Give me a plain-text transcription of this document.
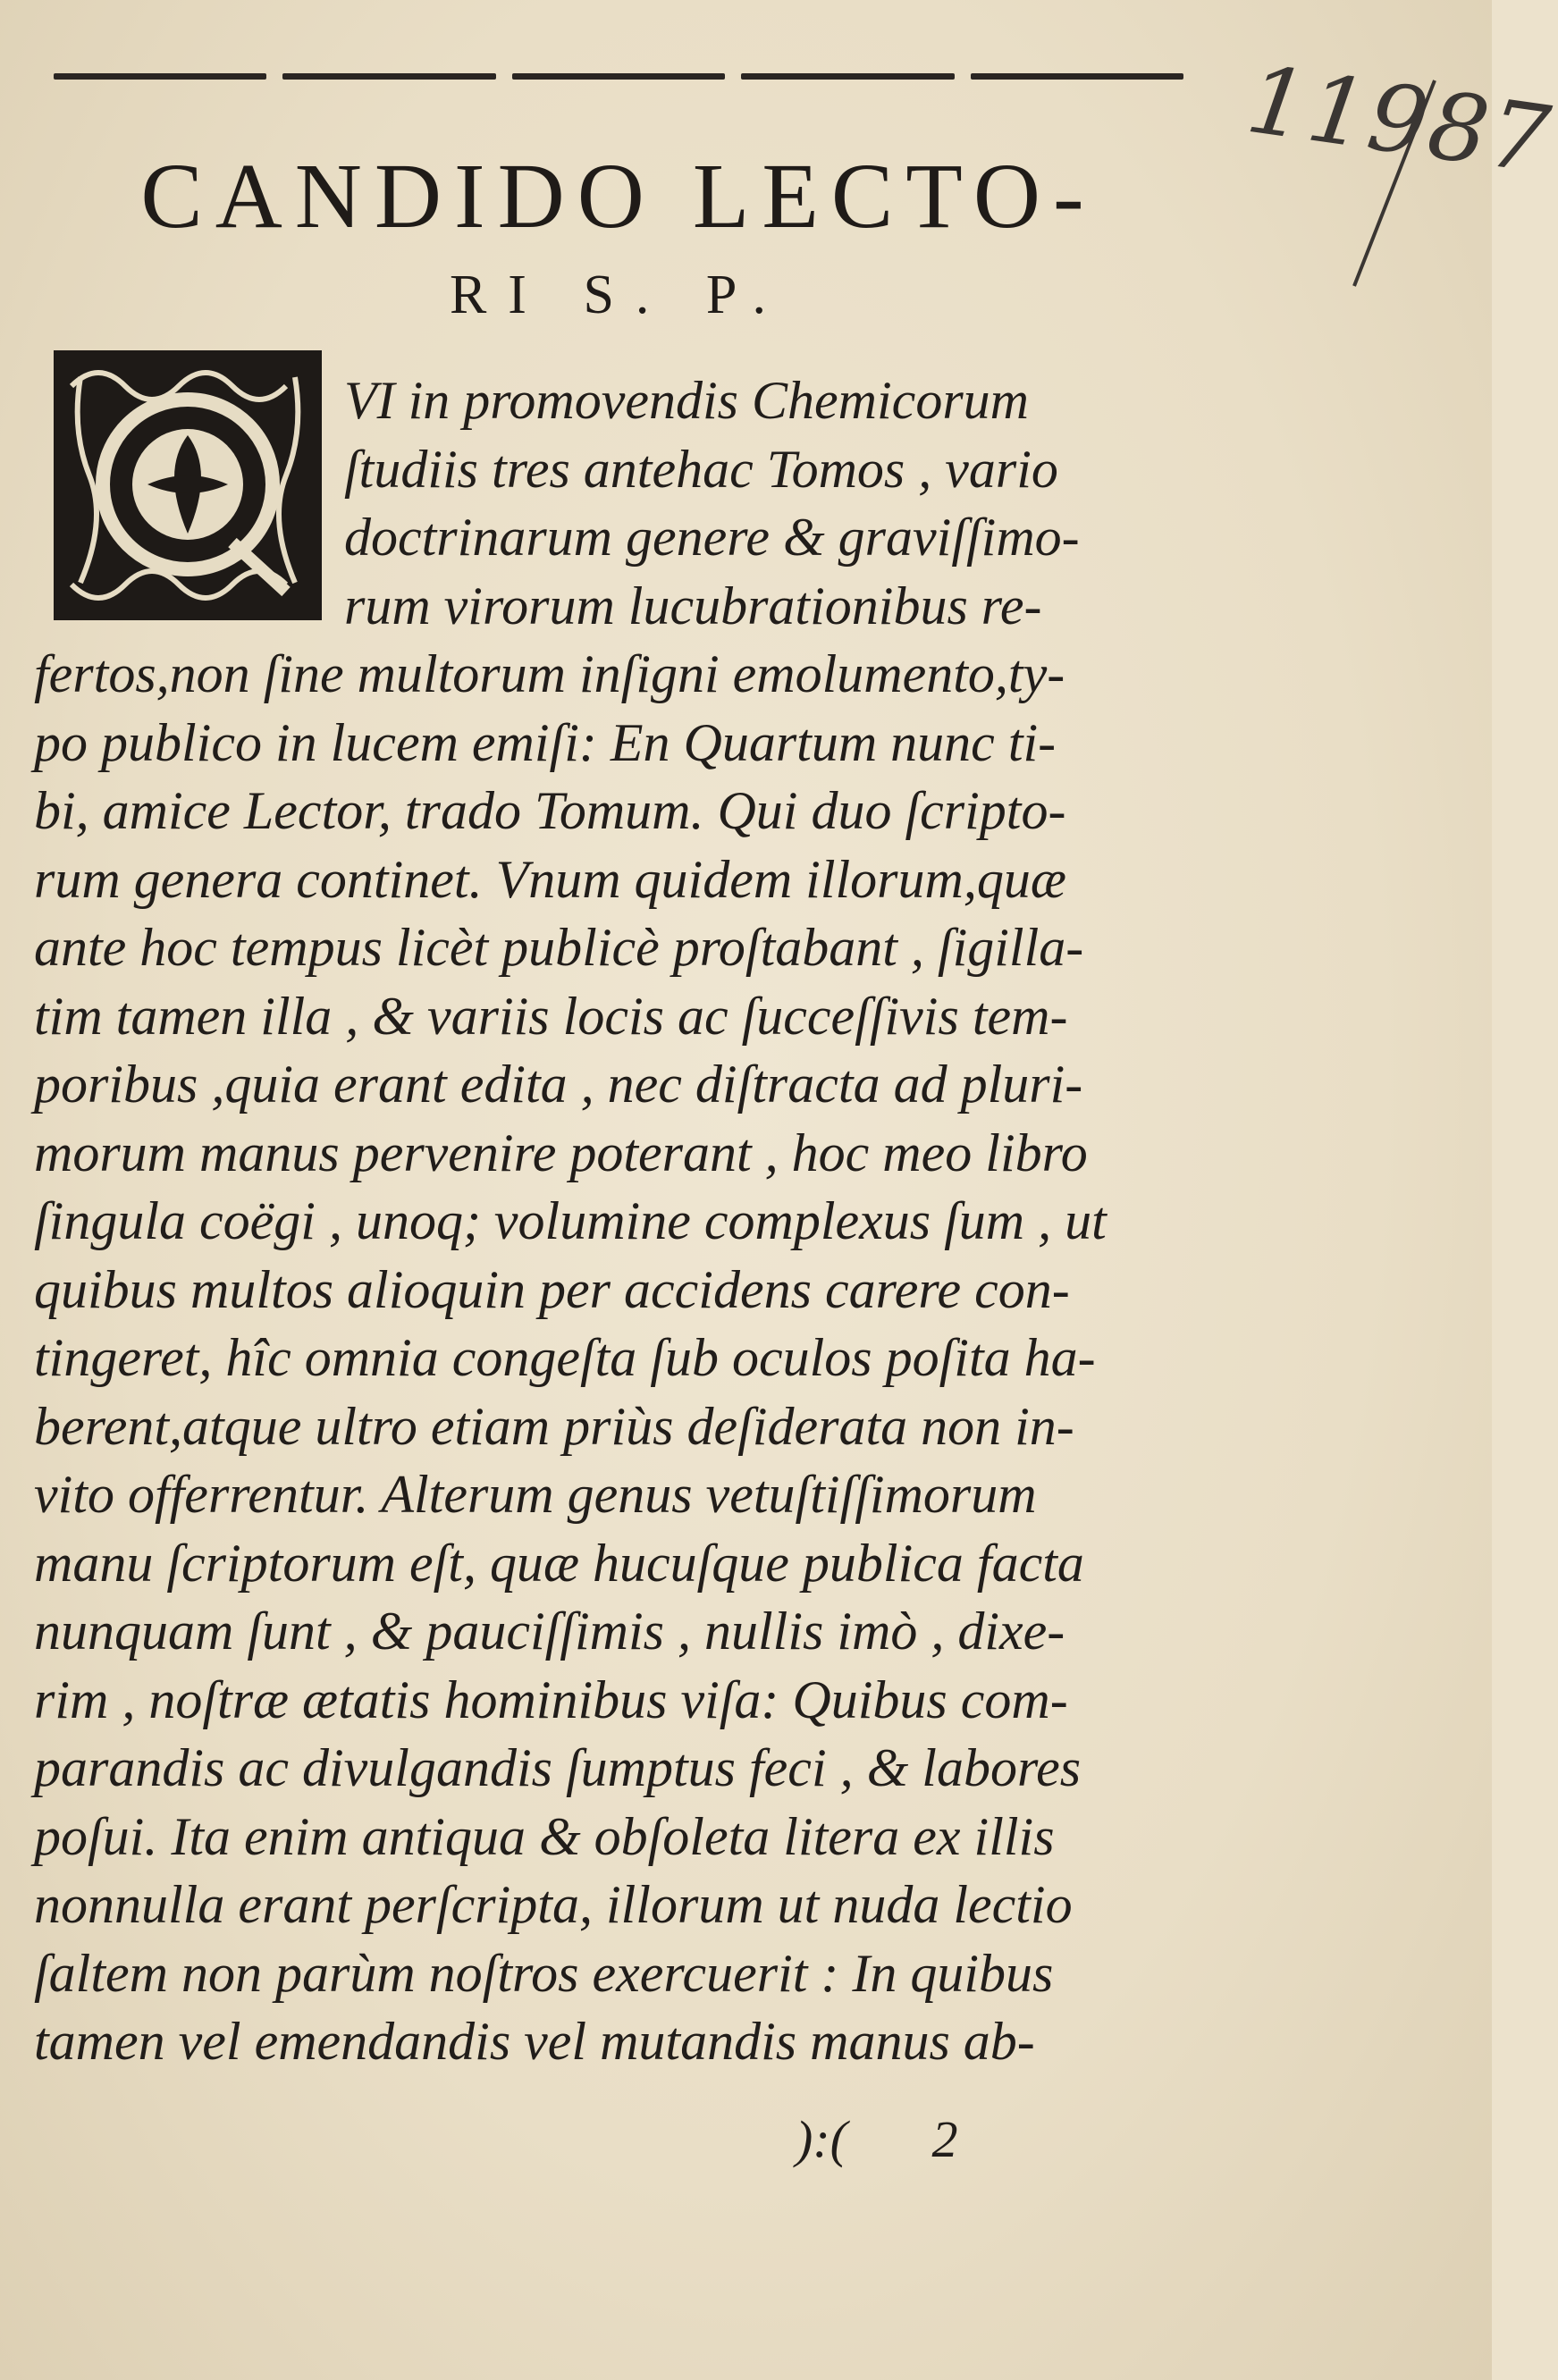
11987
CANDIDO LECTO-
RI S. P.
VI in promovendis Chemicorum
ſtudiis tres antehac Tomos , vario
doctrinarum genere & graviſſimo-
rum virorum lucubrationibus re-
fertos,non ſine multorum inſigni emolumento,ty-
po publico in lucem emiſi: En Quartum nunc ti-
bi, amice Lector, trado Tomum. Qui duo ſcripto-
rum genera continet. Vnum quidem illorum,quæ
ante hoc tempus licèt publicè proſtabant , ſigilla-
tim tamen illa , & variis locis ac ſucceſſivis tem-
poribus ,quia erant edita , nec diſtracta ad pluri-
morum manus pervenire poterant , hoc meo libro
ſingula coëgi , unoq; volumine complexus ſum , ut
quibus multos alioquin per accidens carere con-
tingeret, hîc omnia congeſta ſub oculos poſita ha-
berent,atque ultro etiam priùs deſiderata non in-
vito offerrentur. Alterum genus vetuſtiſſimorum
manu ſcriptorum eſt, quæ hucuſque publica facta
nunquam ſunt , & pauciſſimis , nullis imò , dixe-
rim , noſtræ ætatis hominibus viſa: Quibus com-
parandis ac divulgandis ſumptus feci , & labores
poſui. Ita enim antiqua & obſoleta litera ex illis
nonnulla erant perſcripta, illorum ut nuda lectio
ſaltem non parùm noſtros exercuerit : In quibus
tamen vel emendandis vel mutandis manus ab-
):( 2
